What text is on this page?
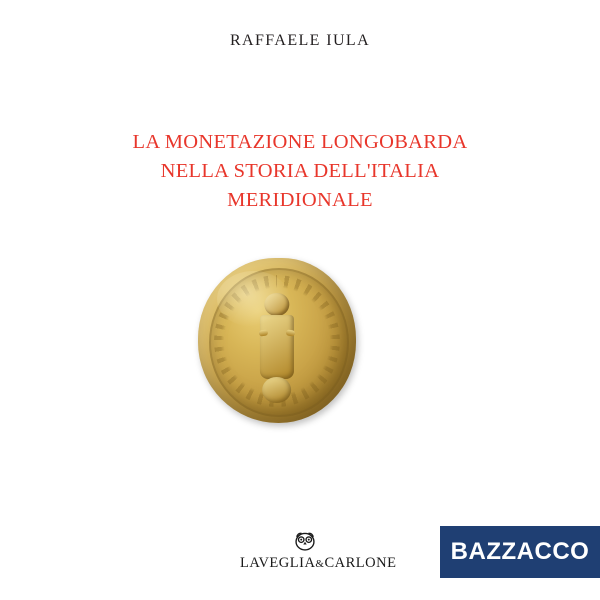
RAFFAELE IULA
LA MONETAZIONE LONGOBARDA
NELLA STORIA DELL'ITALIA
MERIDIONALE
LAVEGLIA&CARLONE BAZZACCO
